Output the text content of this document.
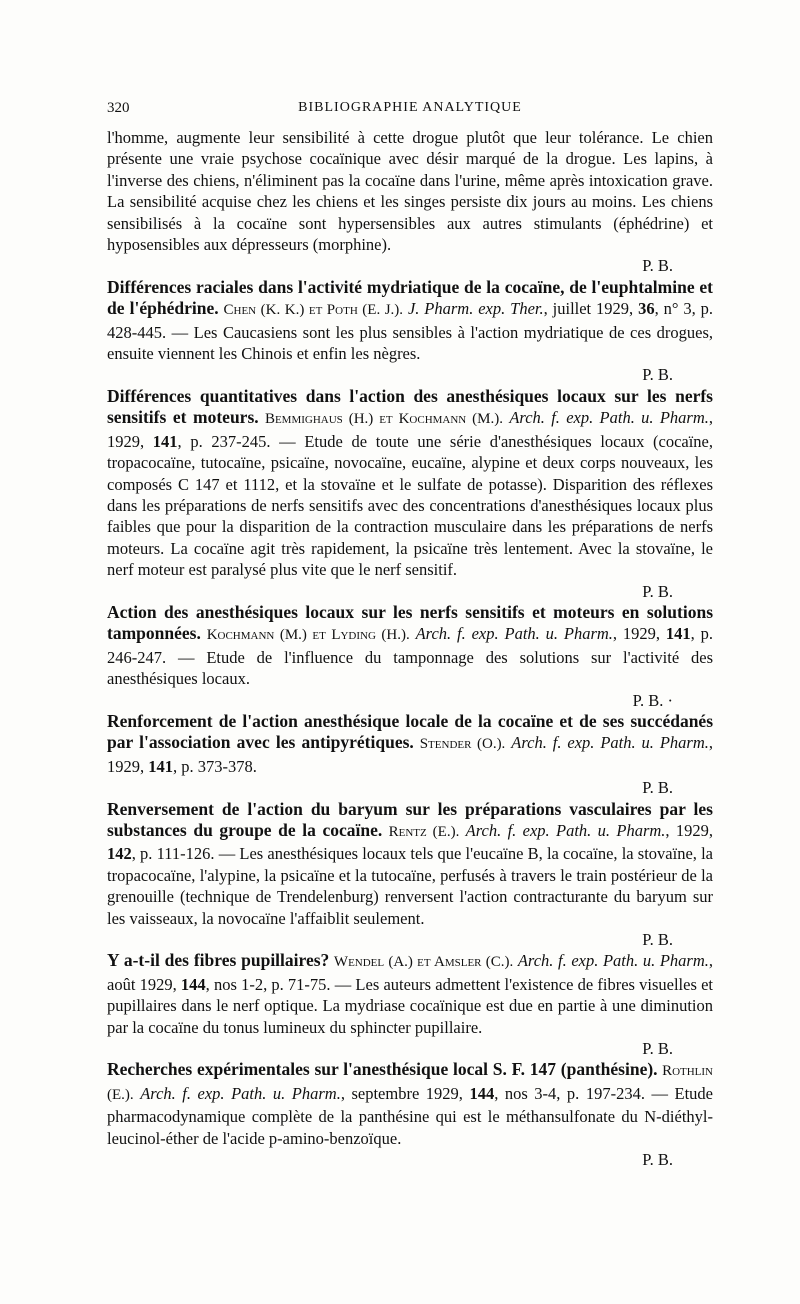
320	BIBLIOGRAPHIE ANALYTIQUE

l'homme, augmente leur sensibilité à cette drogue plutôt que leur tolérance. Le chien présente une vraie psychose cocaïnique avec désir marqué de la drogue. Les lapins, à l'inverse des chiens, n'éliminent pas la cocaïne dans l'urine, même après intoxication grave. La sensibilité acquise chez les chiens et les singes persiste dix jours au moins. Les chiens sensibilisés à la cocaïne sont hypersensibles aux autres stimulants (éphédrine) et hyposensibles aux dépresseurs (morphine).
P. B.

Différences raciales dans l'activité mydriatique de la cocaïne, de l'euphtalmine et de l'éphédrine. Chen (K. K.) et Poth (E. J.). J. Pharm. exp. Ther., juillet 1929, 36, n° 3, p. 428-445. — Les Caucasiens sont les plus sensibles à l'action mydriatique de ces drogues, ensuite viennent les Chinois et enfin les nègres.
P. B.

Différences quantitatives dans l'action des anesthésiques locaux sur les nerfs sensitifs et moteurs. Bemmighaus (H.) et Kochmann (M.). Arch. f. exp. Path. u. Pharm., 1929, 141, p. 237-245. — Etude de toute une série d'anesthésiques locaux (cocaïne, tropacocaïne, tutocaïne, psicaïne, novocaïne, eucaïne, alypine et deux corps nouveaux, les composés C 147 et 1112, et la stovaïne et le sulfate de potasse). Disparition des réflexes dans les préparations de nerfs sensitifs avec des concentrations d'anesthésiques locaux plus faibles que pour la disparition de la contraction musculaire dans les préparations de nerfs moteurs. La cocaïne agit très rapidement, la psicaïne très lentement. Avec la stovaïne, le nerf moteur est paralysé plus vite que le nerf sensitif.
P. B.

Action des anesthésiques locaux sur les nerfs sensitifs et moteurs en solutions tamponnées. Kochmann (M.) et Lyding (H.). Arch. f. exp. Path. u. Pharm., 1929, 141, p. 246-247. — Etude de l'influence du tamponnage des solutions sur l'activité des anesthésiques locaux.
P. B. ·

Renforcement de l'action anesthésique locale de la cocaïne et de ses succédanés par l'association avec les antipyrétiques. Stender (O.). Arch. f. exp. Path. u. Pharm., 1929, 141, p. 373-378.
P. B.

Renversement de l'action du baryum sur les préparations vasculaires par les substances du groupe de la cocaïne. Rentz (E.). Arch. f. exp. Path. u. Pharm., 1929, 142, p. 111-126. — Les anesthésiques locaux tels que l'eucaïne B, la cocaïne, la stovaïne, la tropacocaïne, l'alypine, la psicaïne et la tutocaïne, perfusés à travers le train postérieur de la grenouille (technique de Trendelenburg) renversent l'action contracturante du baryum sur les vaisseaux, la novocaïne l'affaiblit seulement.
P. B.

Y a-t-il des fibres pupillaires? Wendel (A.) et Amsler (C.). Arch. f. exp. Path. u. Pharm., août 1929, 144, nos 1-2, p. 71-75. — Les auteurs admettent l'existence de fibres visuelles et pupillaires dans le nerf optique. La mydriase cocaïnique est due en partie à une diminution par la cocaïne du tonus lumineux du sphincter pupillaire.
P. B.

Recherches expérimentales sur l'anesthésique local S. F. 147 (panthésine). Rothlin (E.). Arch. f. exp. Path. u. Pharm., septembre 1929, 144, nos 3-4, p. 197-234. — Etude pharmacodynamique complète de la panthésine qui est le méthansulfonate du N-diéthyl-leucinol-éther de l'acide p-amino-benzoïque.
P. B.
